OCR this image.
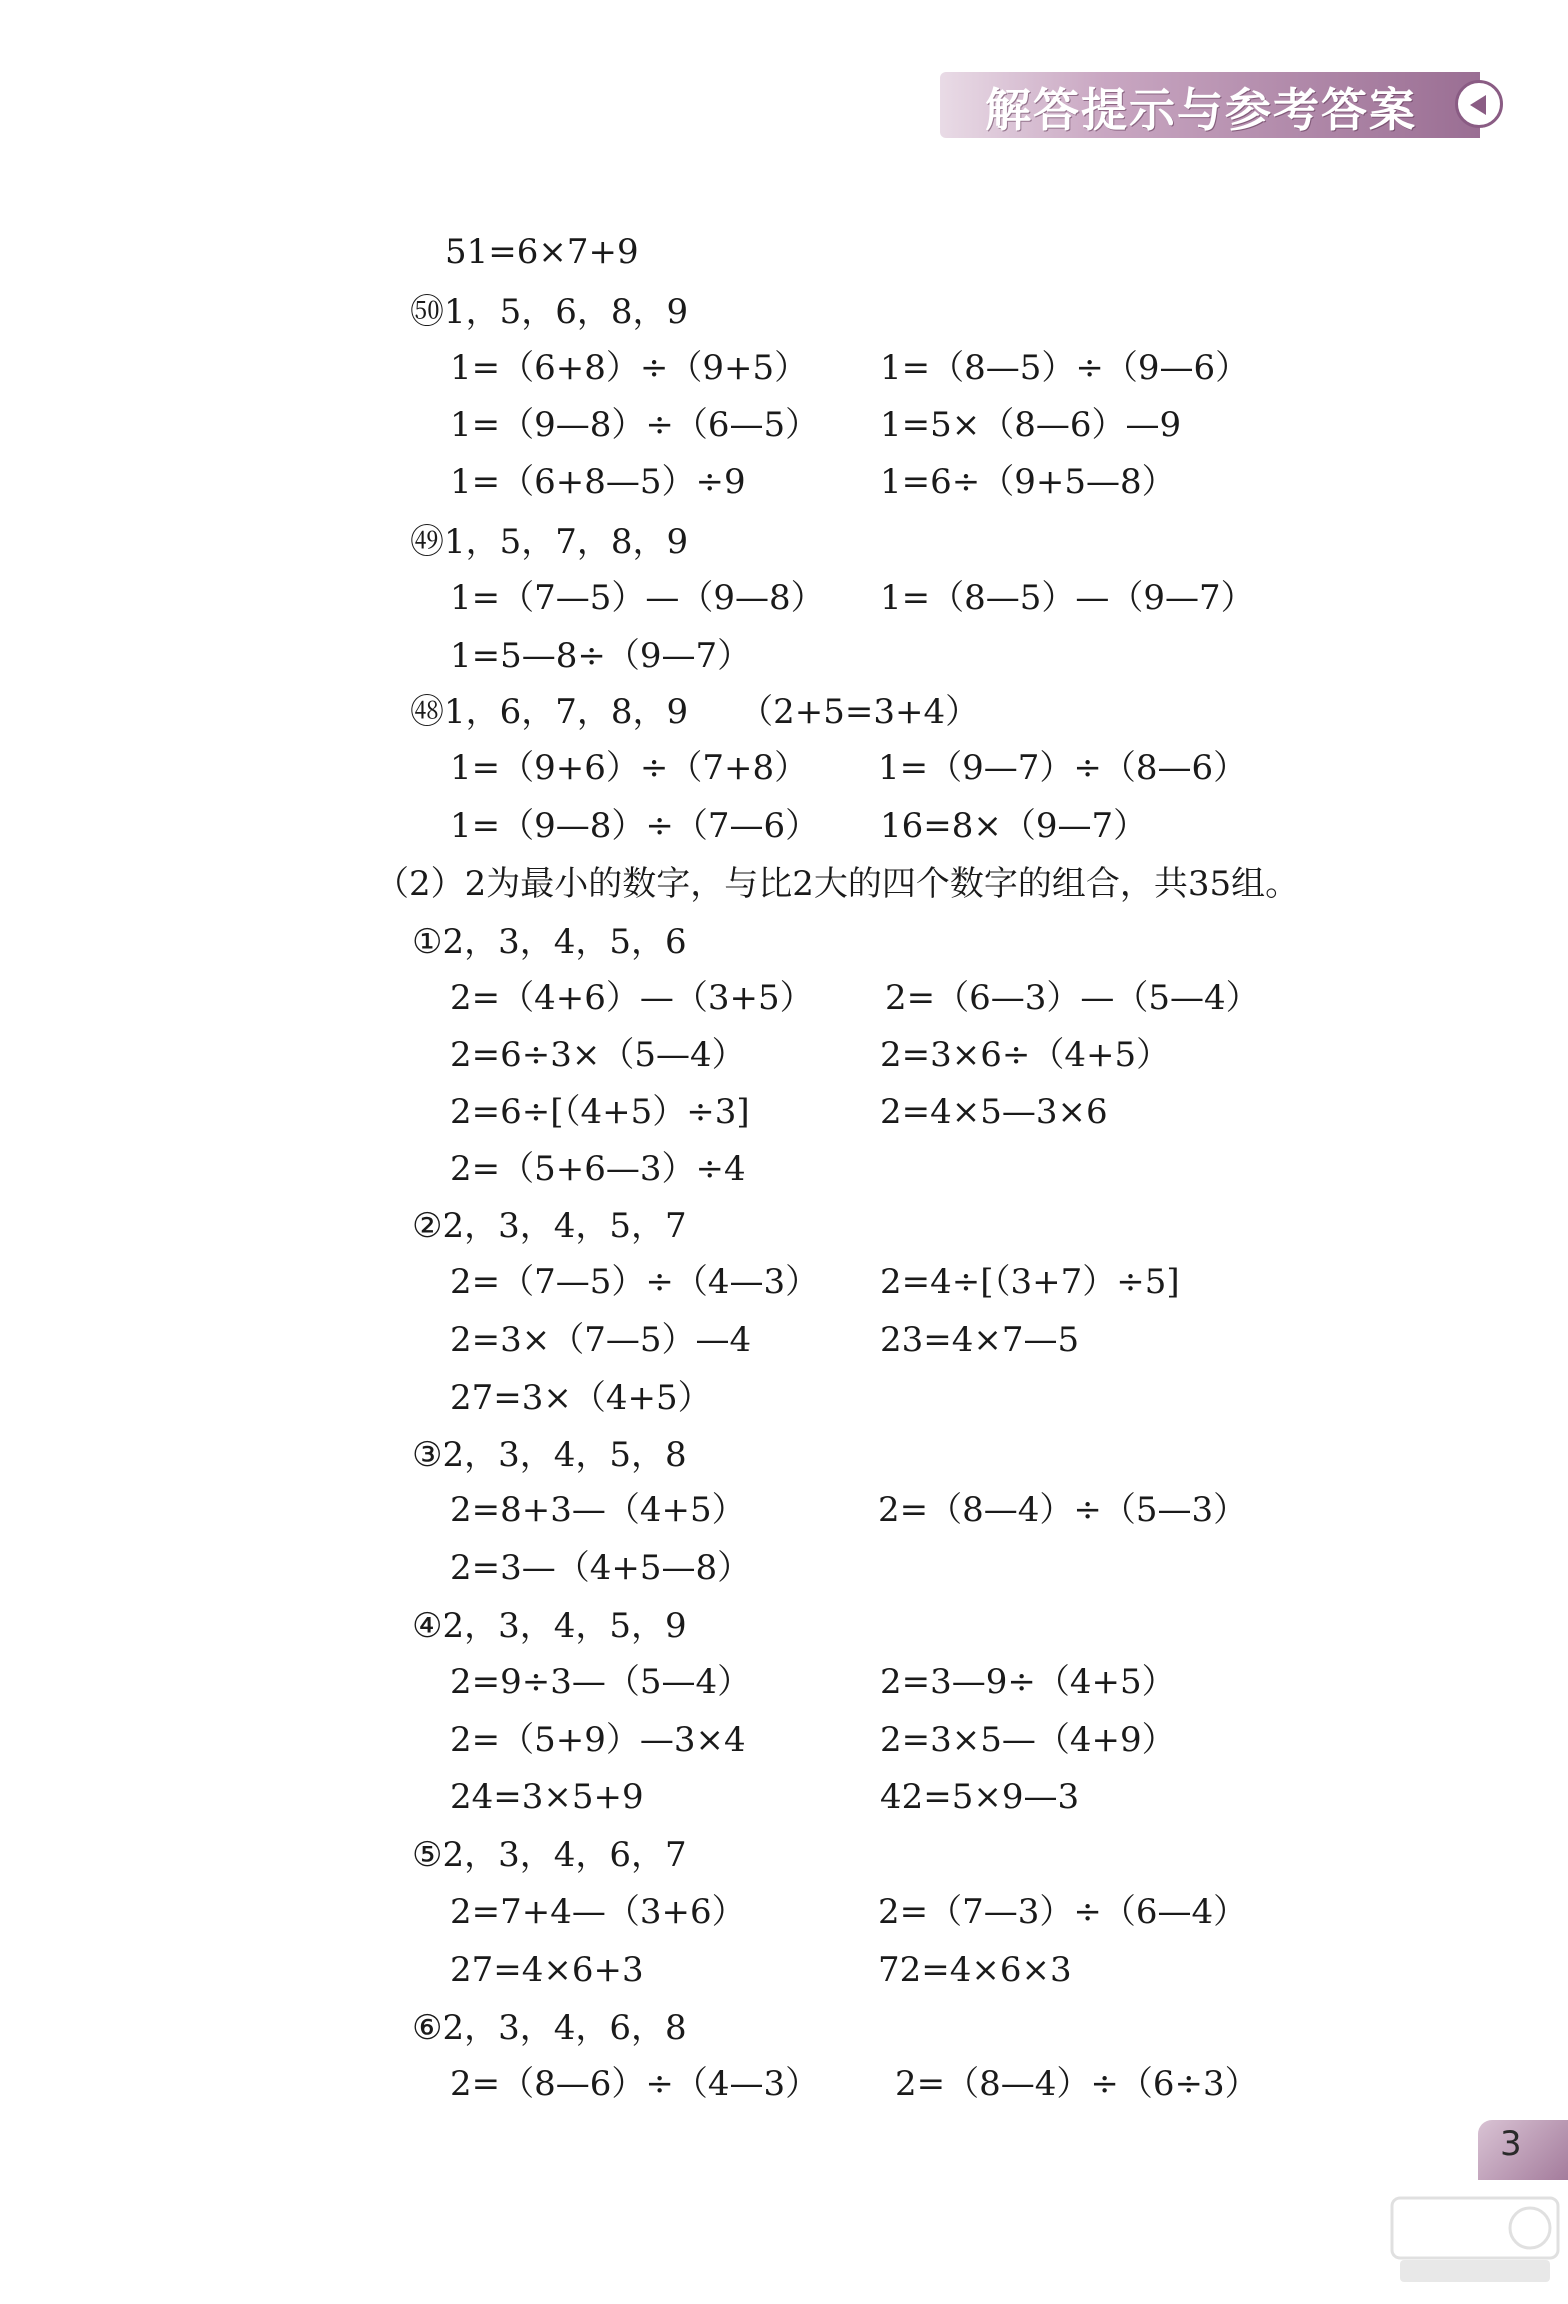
解答提示与参考答案
51=6×7+9
㊿1，5，6，8，9
1=（6+8）÷（9+5） 1=（8—5）÷（9—6）
1=（9—8）÷（6—5） 1=5×（8—6）—9
1=（6+8—5）÷9	1=6÷（9+5—8）
㊾1，5，7，8，9
1=（7—5）—（9—8） 1=（8—5）—（9—7）
1=5—8÷（9—7）
㊽1，6，7，8，9　　（2+5=3+4）
1=（9+6）÷（7+8） 1=（9—7）÷（8—6）
1=（9—8）÷（7—6） 16=8×（9—7）
（2）2为最小的数字，与比2大的四个数字的组合，共35组。
①2，3，4，5，6
2=（4+6）—（3+5） 2=（6—3）—（5—4）
2=6÷3×（5—4）	2=3×6÷（4+5）
2=6÷[（4+5）÷3]	2=4×5—3×6
2=（5+6—3）÷4
②2，3，4，5，7
2=（7—5）÷（4—3） 2=4÷[（3+7）÷5]
2=3×（7—5）—4	23=4×7—5
27=3×（4+5）
③2，3，4，5，8
2=8+3—（4+5）	2=（8—4）÷（5—3）
2=3—（4+5—8）
④2，3，4，5，9
2=9÷3—（5—4）	2=3—9÷（4+5）
2=（5+9）—3×4	2=3×5—（4+9）
24=3×5+9	42=5×9—3
⑤2，3，4，6，7
2=7+4—（3+6）	2=（7—3）÷（6—4）
27=4×6+3	72=4×6×3
⑥2，3，4，6，8
2=（8—6）÷（4—3） 2=（8—4）÷（6÷3）
3
